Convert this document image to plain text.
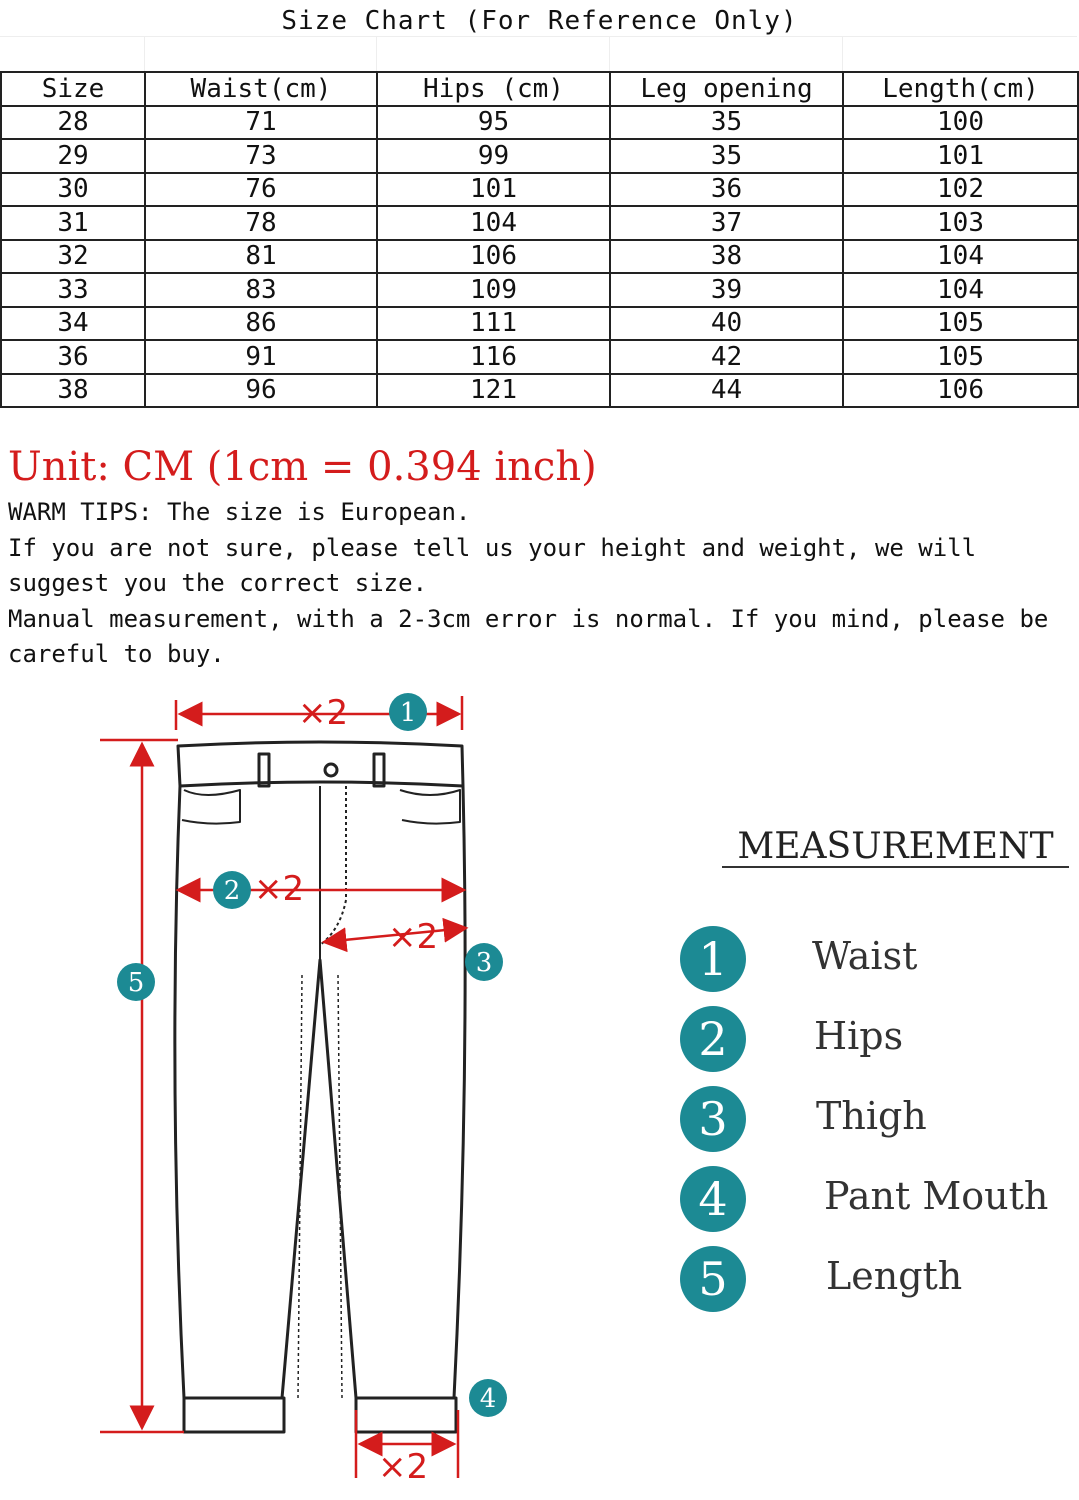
Size Chart (For Reference Only)
Size	Waist(cm)	Hips (cm)	Leg opening	Length(cm)
28	71	95	35	100
29	73	99	35	101
30	76	101	36	102
31	78	104	37	103
32	81	106	38	104
33	83	109	39	104
34	86	111	40	105
36	91	116	42	105
38	96	121	44	106
Unit: CM (1cm = 0.394 inch)

WARM TIPS: The size is European.

If you are not sure, please tell us your height and weight, we will suggest you the correct size.

Manual measurement, with a 2-3cm error is normal. If you mind, please be careful to buy.

×2
×2
×2
×2
1
2
3
4
5
MEASUREMENT
1	Waist
2	Hips
3	Thigh
4	Pant Mouth
5	Length
